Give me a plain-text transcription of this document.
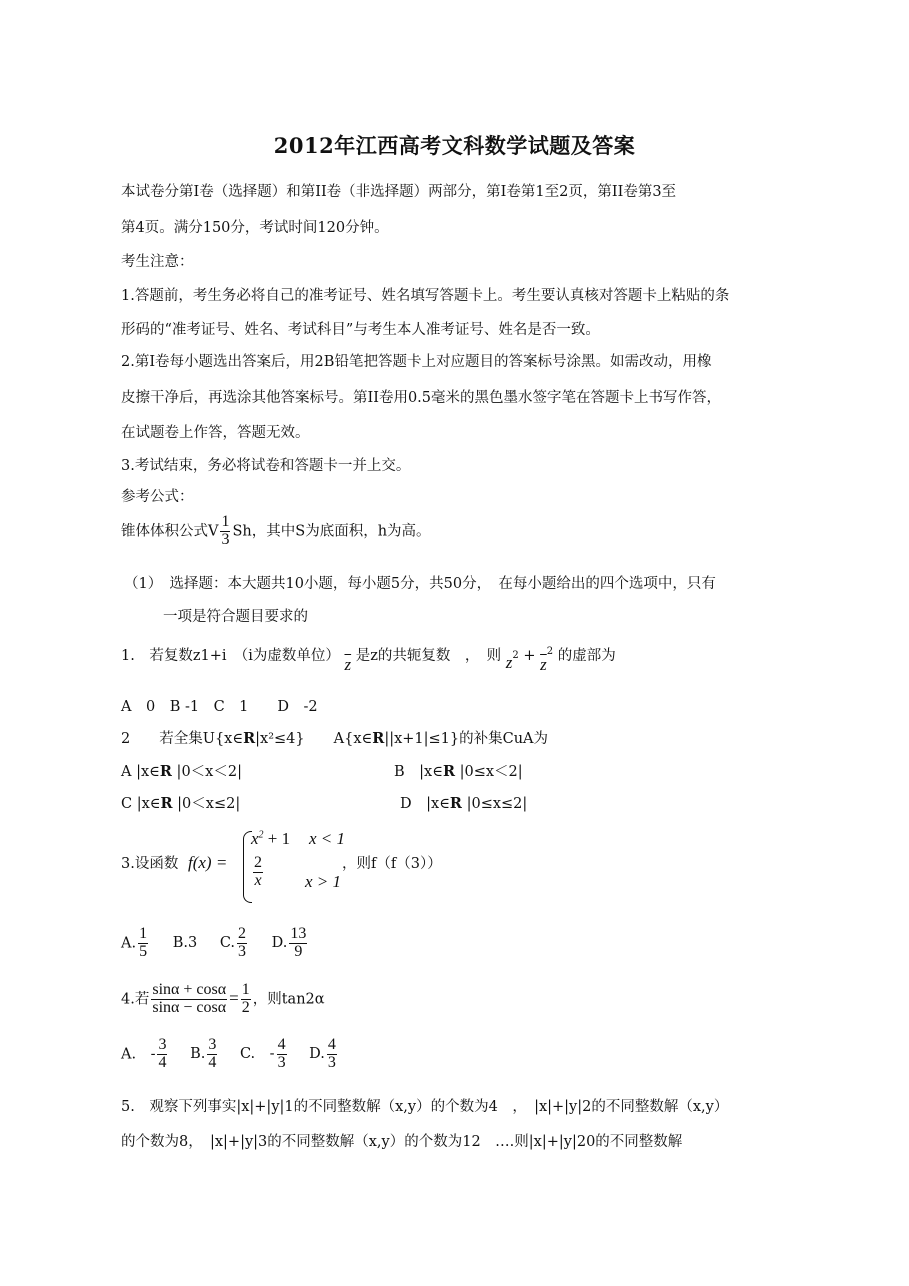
2012年江西高考文科数学试题及答案
本试卷分第Ⅰ卷（选择题）和第II卷（非选择题）两部分，第Ⅰ卷第1至2页，第II卷第3至
第4页。满分150分，考试时间120分钟。
考生注意：
1.答题前，考生务必将自己的准考证号、姓名填写答题卡上。考生要认真核对答题卡上粘贴的条
形码的“准考证号、姓名、考试科目”与考生本人准考证号、姓名是否一致。
2.第Ⅰ卷每小题选出答案后，用2B铅笔把答题卡上对应题目的答案标号涂黑。如需改动，用橡
皮擦干净后，再选涂其他答案标号。第II卷用0.5毫米的黑色墨水签字笔在答题卡上书写作答，
在试题卷上作答，答题无效。
3.考试结束，务必将试卷和答题卡一并上交。
参考公式：
锥体体积公式V $\frac{1}{3}$ Sh，其中S为底面积，h为高。
（1）　选择题：本大题共10小题，每小题5分，共50分，　在每小题给出的四个选项中，只有
一项是符合题目要求的
1.　若复数z1+i　（i为虚数单位） $\overline{z}$ 是z的共轭复数　，　则 $z^2 + \overline{z}^2$ 的虚部为
A　0　B -1　C　1　　D　-2
2　　若全集U{x∈R|x²≤4}　　A{x∈R||x+1|≤1}的补集CuA为
A |x∈R |0＜x＜2|	B　|x∈R |0≤x＜2|
C |x∈R |0＜x≤2|	D　|x∈R |0≤x≤2|
3.设函数 f(x) =
$x^2 + 1$ x < 1
$\frac{2}{x}$ x > 1
，则f（f（3））
A. $\frac{1}{5} B.3$ C. $\frac{2}{3} D$. $\frac{13}{9}$
4.若 $\frac{\sin\alpha + \cos\alpha}{\sin\alpha - \cos\alpha} = \frac{1}{2}$ ，则tan2α
A.　- $\frac{3}{4} B$. $\frac{3}{4} C$.　- $\frac{4}{3} D$. $\frac{4}{3}$
5.　观察下列事实|x|+|y|1的不同整数解（x,y）的个数为4　，　|x|+|y|2的不同整数解（x,y）
的个数为8，　|x|+|y|3的不同整数解（x,y）的个数为12　….则|x|+|y|20的不同整数解
